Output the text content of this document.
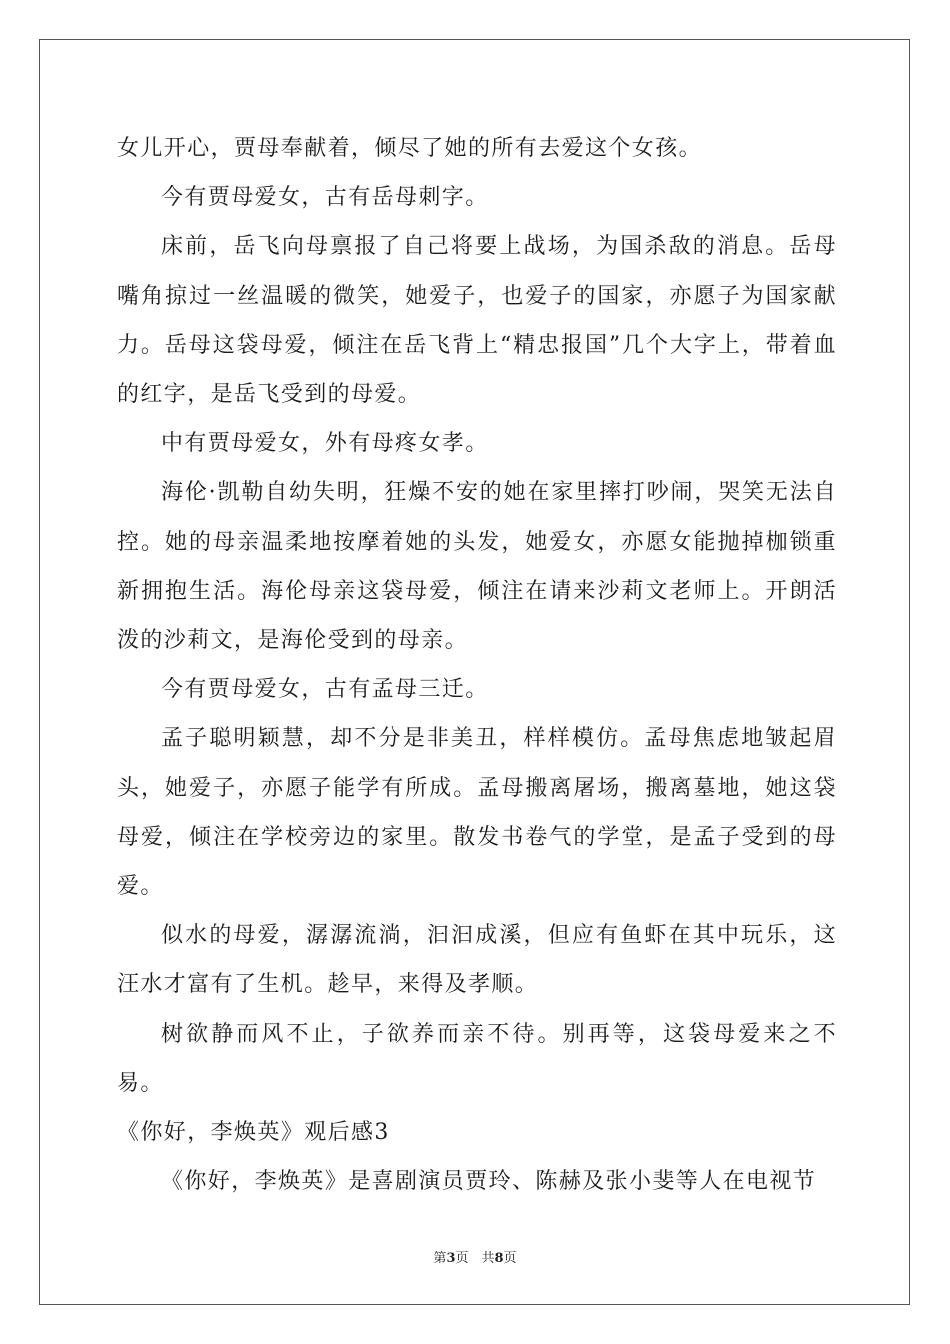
女儿开心，贾母奉献着，倾尽了她的所有去爱这个女孩。

今有贾母爱女，古有岳母刺字。

床前，岳飞向母禀报了自己将要上战场，为国杀敌的消息。岳母嘴角掠过一丝温暖的微笑，她爱子，也爱子的国家，亦愿子为国家献力。岳母这袋母爱，倾注在岳飞背上“精忠报国”几个大字上，带着血的红字，是岳飞受到的母爱。

中有贾母爱女，外有母疼女孝。

海伦·凯勒自幼失明，狂燥不安的她在家里摔打吵闹，哭笑无法自控。她的母亲温柔地按摩着她的头发，她爱女，亦愿女能抛掉枷锁重新拥抱生活。海伦母亲这袋母爱，倾注在请来沙莉文老师上。开朗活泼的沙莉文，是海伦受到的母亲。

今有贾母爱女，古有孟母三迁。

孟子聪明颖慧，却不分是非美丑，样样模仿。孟母焦虑地皱起眉头，她爱子，亦愿子能学有所成。孟母搬离屠场，搬离墓地，她这袋母爱，倾注在学校旁边的家里。散发书卷气的学堂，是孟子受到的母爱。

似水的母爱，潺潺流淌，汩汩成溪，但应有鱼虾在其中玩乐，这汪水才富有了生机。趁早，来得及孝顺。

树欲静而风不止，子欲养而亲不待。别再等，这袋母爱来之不易。

《你好，李焕英》观后感3

《你好，李焕英》是喜剧演员贾玲、陈赫及张小斐等人在电视节

第3页　共8页
